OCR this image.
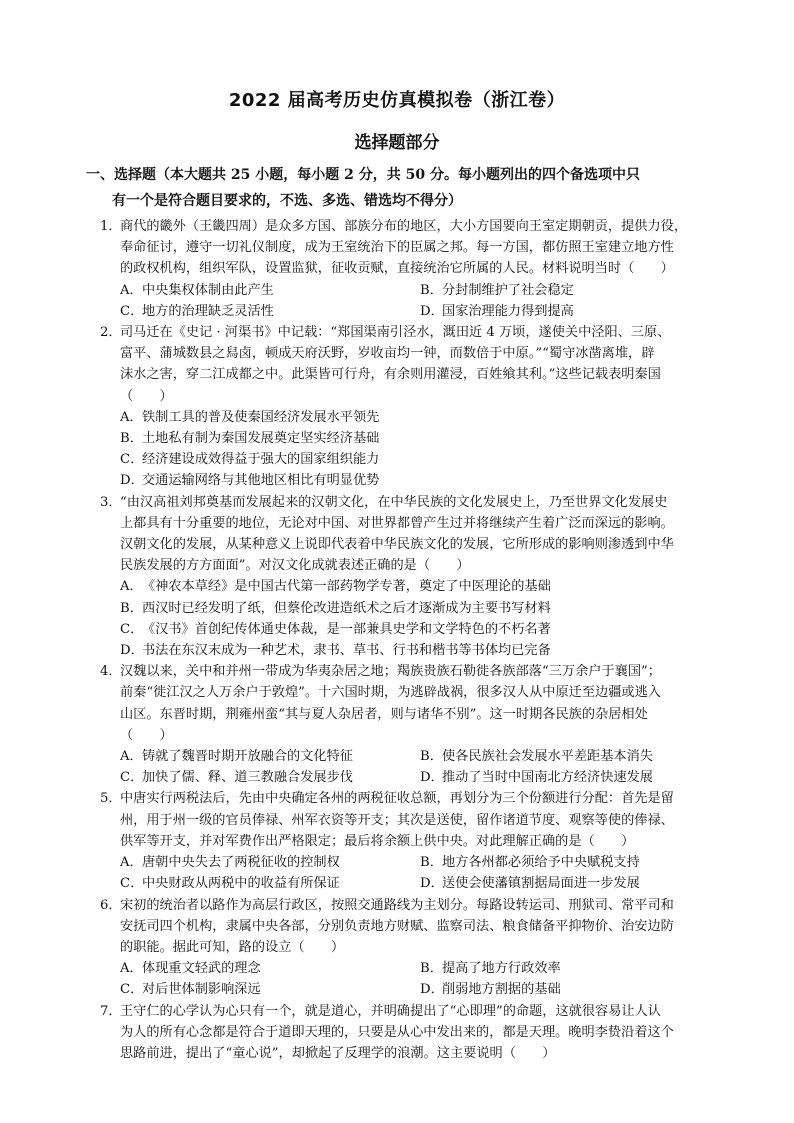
2022 届高考历史仿真模拟卷（浙江卷）
选择题部分
一、选择题（本大题共 25 小题，每小题 2 分，共 50 分。每小题列出的四个备选项中只
有一个是符合题目要求的，不选、多选、错选均不得分）
1．
商代的畿外（王畿四周）是众多方国、部族分布的地区，大小方国要向王室定期朝贡，提供力役，
奉命征讨，遵守一切礼仪制度，成为王室统治下的臣属之邦。每一方国，都仿照王室建立地方性
的政权机构，组织军队，设置监狱，征收贡赋，直接统治它所属的人民。材料说明当时（　　）
A．中央集权体制由此产生	B．分封制维护了社会稳定
C．地方的治理缺乏灵活性	D．国家治理能力得到提高
2．
司马迁在《史记 · 河渠书》中记载：“郑国渠南引泾水，溉田近 4 万顷，遂使关中泾阳、三原、
富平、蒲城数县之舄卤，顿成天府沃野，岁收亩均一钟，而数倍于中原。”“蜀守冰凿离堆，辟
沫水之害，穿二江成都之中。此渠皆可行舟，有余则用灌浸，百姓飨其利。”这些记载表明秦国
（　　）
A．铁制工具的普及使秦国经济发展水平领先
B．土地私有制为秦国发展奠定坚实经济基础
C．经济建设成效得益于强大的国家组织能力
D．交通运输网络与其他地区相比有明显优势
3．
“由汉高祖刘邦奠基而发展起来的汉朝文化，在中华民族的文化发展史上，乃至世界文化发展史
上都具有十分重要的地位，无论对中国、对世界都曾产生过并将继续产生着广泛而深远的影响。
汉朝文化的发展，从某种意义上说即代表着中华民族文化的发展，它所形成的影响则渗透到中华
民族发展的方方面面”。对汉文化成就表述正确的是（　　）
A．《神农本草经》是中国古代第一部药物学专著，奠定了中医理论的基础
B．西汉时已经发明了纸，但蔡伦改进造纸术之后才逐渐成为主要书写材料
C．《汉书》首创纪传体通史体裁，是一部兼具史学和文学特色的不朽名著
D．书法在东汉末成为一种艺术，隶书、草书、行书和楷书等书体均已完备
4．
汉魏以来，关中和并州一带成为华夷杂居之地；羯族贵族石勒徙各族部落“三万余户于襄国”；
前秦“徙江汉之人万余户于敦煌”。十六国时期，为逃辟战祸，很多汉人从中原迁至边疆或逃入
山区。东晋时期，荆雍州蛮“其与夏人杂居者，则与诸华不别”。这一时期各民族的杂居相处
（　　）
A．铸就了魏晋时期开放融合的文化特征	B．使各民族社会发展水平差距基本消失
C．加快了儒、释、道三教融合发展步伐	D．推动了当时中国南北方经济快速发展
5．
中唐实行两税法后，先由中央确定各州的两税征收总额，再划分为三个份额进行分配：首先是留
州，用于州一级的官员俸禄、州军衣资等开支；其次是送使，留作诸道节度、观察等使的俸禄、
供军等开支，并对军费作出严格限定；最后将余额上供中央。对此理解正确的是（　　）
A．唐朝中央失去了两税征收的控制权	B．地方各州都必须给予中央赋税支持
C．中央财政从两税中的收益有所保证	D．送使会使藩镇割据局面进一步发展
6．
宋初的统治者以路作为高层行政区，按照交通路线为主划分。每路设转运司、刑狱司、常平司和
安抚司四个机构，隶属中央各部，分别负责地方财赋、监察司法、粮食储备平抑物价、治安边防
的职能。据此可知，路的设立（　　）
A．体现重文轻武的理念	B．提高了地方行政效率
C．对后世体制影响深远	D．削弱地方割据的基础
7．
王守仁的心学认为心只有一个，就是道心，并明确提出了“心即理”的命题，这就很容易让人认
为人的所有心念都是符合于道即天理的，只要是从心中发出来的，都是天理。晚明李贽沿着这个
思路前进，提出了“童心说”，却掀起了反理学的浪潮。这主要说明（　　）
